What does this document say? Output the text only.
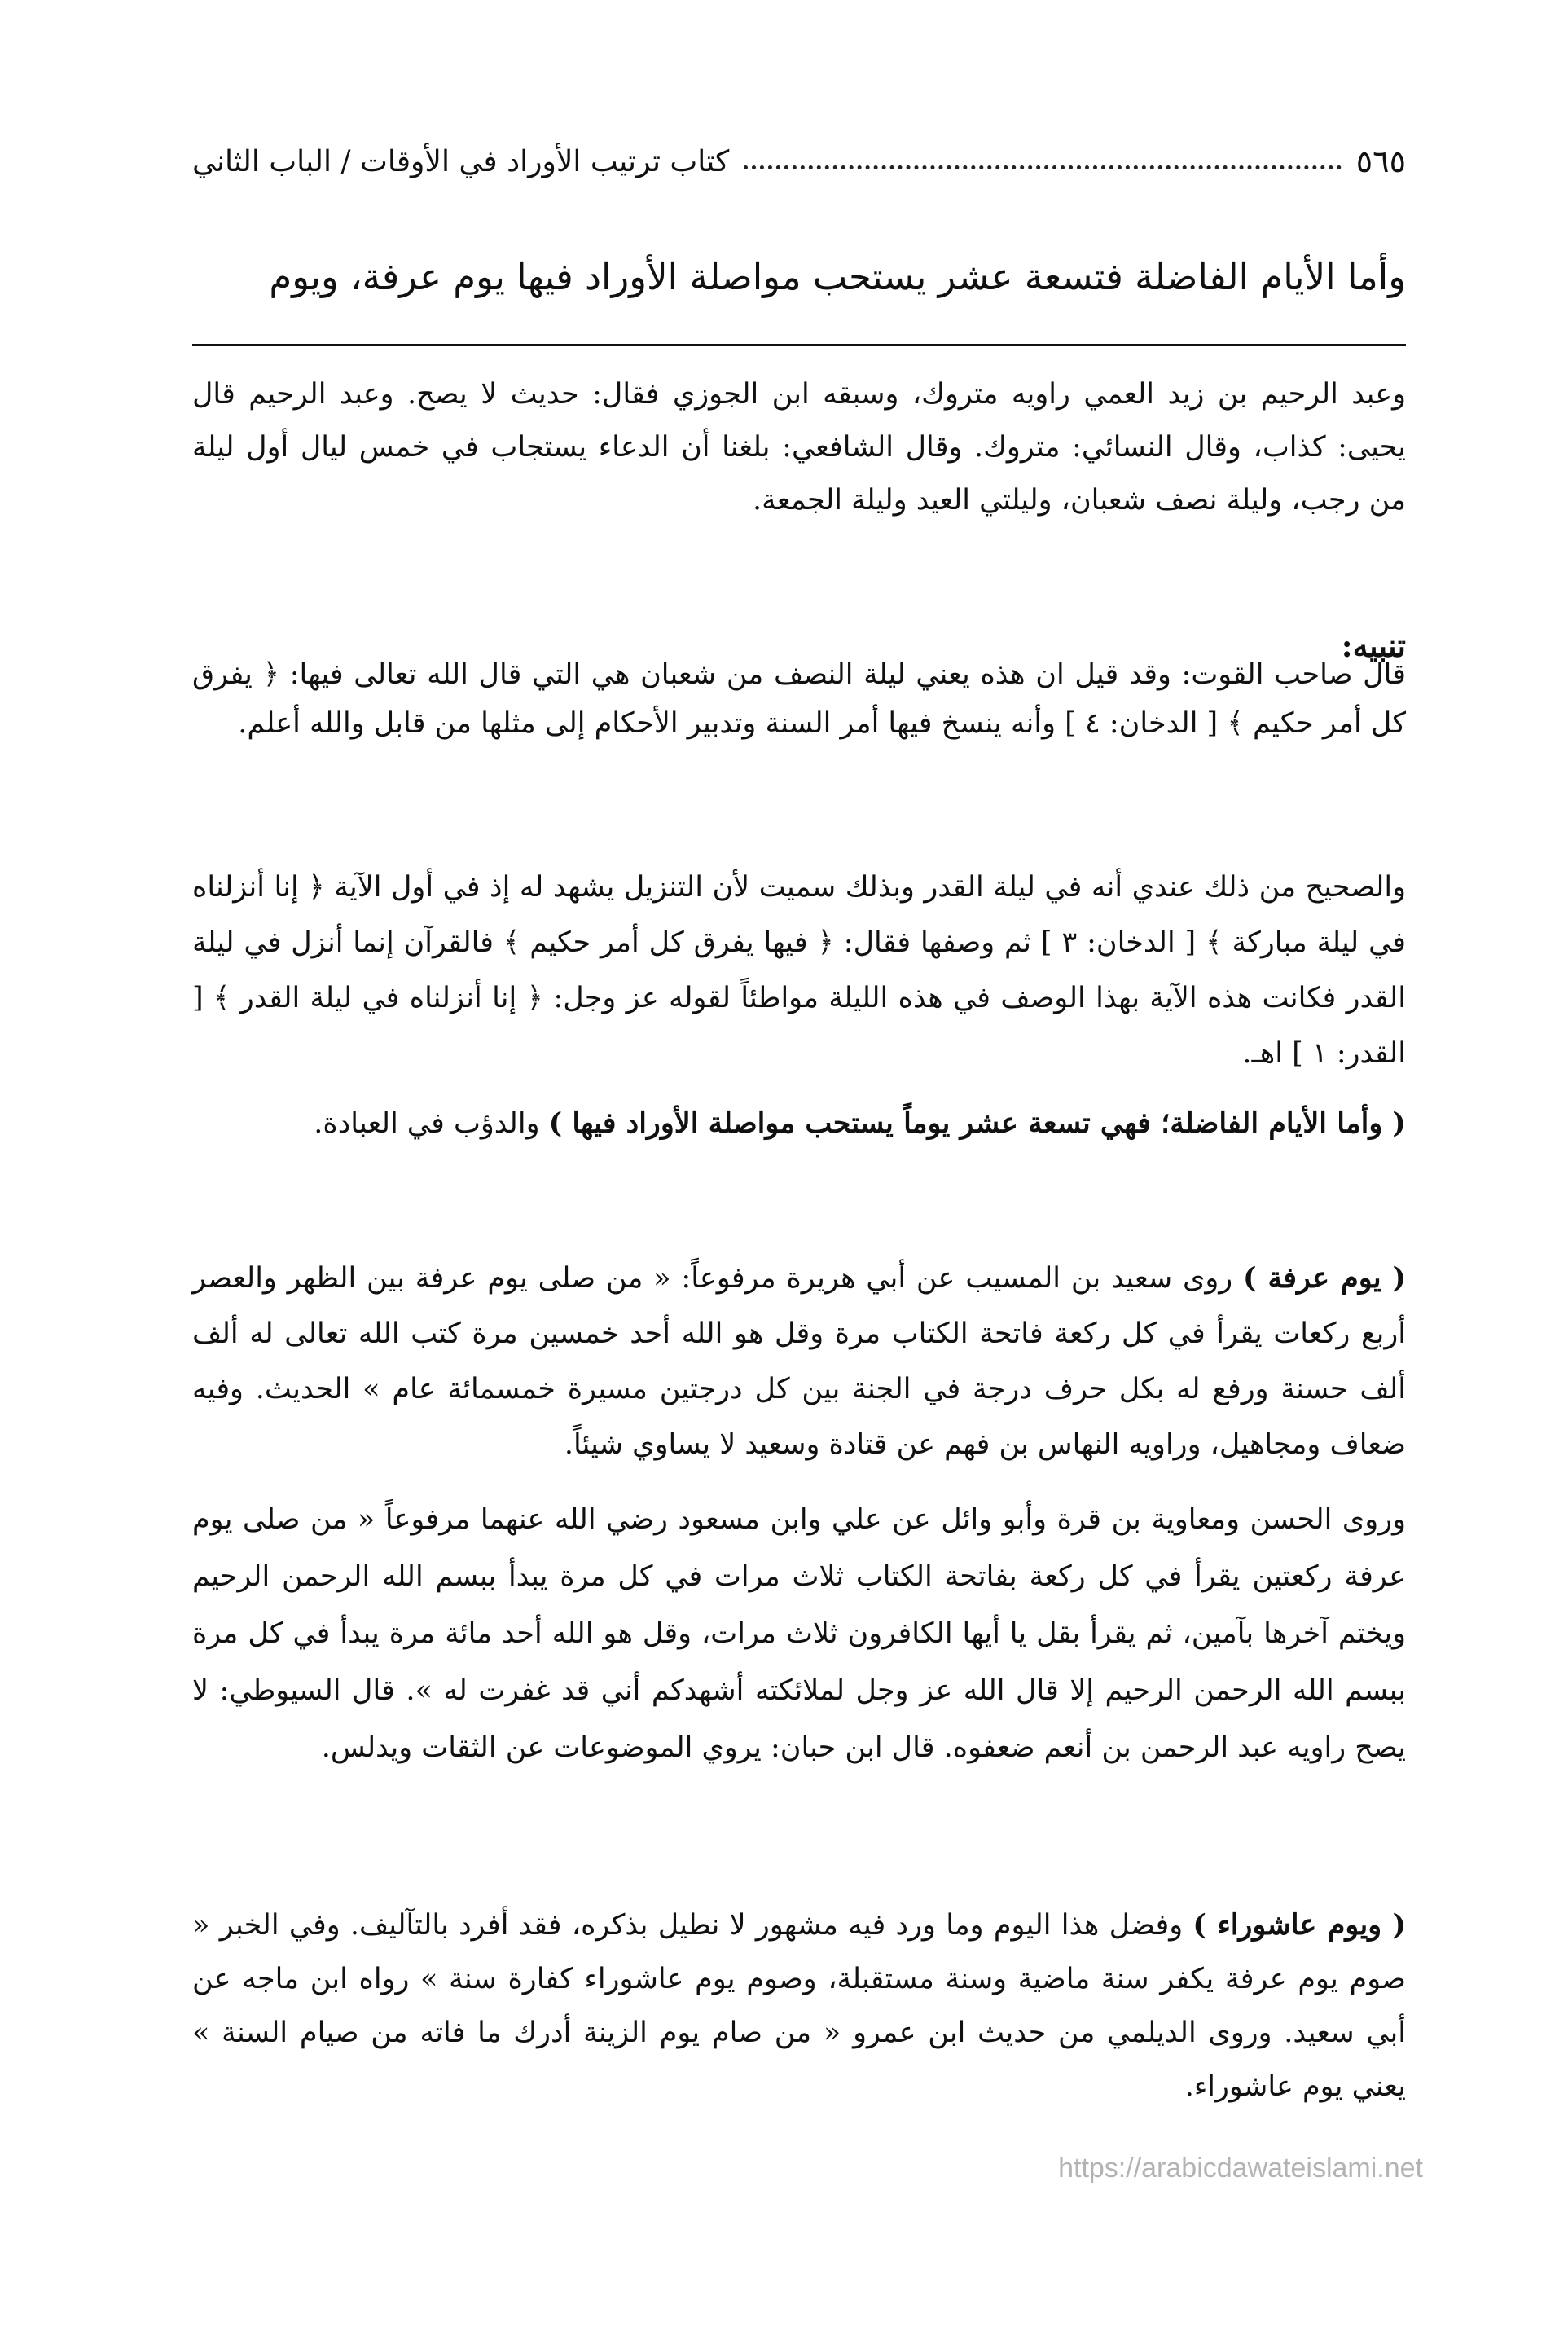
كتاب ترتيب الأوراد في الأوقات / الباب الثاني	٥٦٥
وأما الأيام الفاضلة فتسعة عشر يستحب مواصلة الأوراد فيها يوم عرفة، ويوم

وعبد الرحيم بن زيد العمي راويه متروك، وسبقه ابن الجوزي فقال: حديث لا يصح. وعبد الرحيم قال يحيى: كذاب، وقال النسائي: متروك. وقال الشافعي: بلغنا أن الدعاء يستجاب في خمس ليال أول ليلة من رجب، وليلة نصف شعبان، وليلتي العيد وليلة الجمعة.

تنبيه:

قال صاحب القوت: وقد قيل ان هذه يعني ليلة النصف من شعبان هي التي قال الله تعالى فيها: ﴿ يفرق كل أمر حكيم ﴾ [ الدخان: ٤ ] وأنه ينسخ فيها أمر السنة وتدبير الأحكام إلى مثلها من قابل والله أعلم.

والصحيح من ذلك عندي أنه في ليلة القدر وبذلك سميت لأن التنزيل يشهد له إذ في أول الآية ﴿ إنا أنزلناه في ليلة مباركة ﴾ [ الدخان: ٣ ] ثم وصفها فقال: ﴿ فيها يفرق كل أمر حكيم ﴾ فالقرآن إنما أنزل في ليلة القدر فكانت هذه الآية بهذا الوصف في هذه الليلة مواطئاً لقوله عز وجل: ﴿ إنا أنزلناه في ليلة القدر ﴾ [ القدر: ١ ] اهـ.

( وأما الأيام الفاضلة؛ فهي تسعة عشر يوماً يستحب مواصلة الأوراد فيها ) والدؤب في العبادة.

( يوم عرفة ) روى سعيد بن المسيب عن أبي هريرة مرفوعاً: « من صلى يوم عرفة بين الظهر والعصر أربع ركعات يقرأ في كل ركعة فاتحة الكتاب مرة وقل هو الله أحد خمسين مرة كتب الله تعالى له ألف ألف حسنة ورفع له بكل حرف درجة في الجنة بين كل درجتين مسيرة خمسمائة عام » الحديث. وفيه ضعاف ومجاهيل، وراويه النهاس بن فهم عن قتادة وسعيد لا يساوي شيئاً.

وروى الحسن ومعاوية بن قرة وأبو وائل عن علي وابن مسعود رضي الله عنهما مرفوعاً « من صلى يوم عرفة ركعتين يقرأ في كل ركعة بفاتحة الكتاب ثلاث مرات في كل مرة يبدأ ببسم الله الرحمن الرحيم ويختم آخرها بآمين، ثم يقرأ بقل يا أيها الكافرون ثلاث مرات، وقل هو الله أحد مائة مرة يبدأ في كل مرة ببسم الله الرحمن الرحيم إلا قال الله عز وجل لملائكته أشهدكم أني قد غفرت له ». قال السيوطي: لا يصح راويه عبد الرحمن بن أنعم ضعفوه. قال ابن حبان: يروي الموضوعات عن الثقات ويدلس.

( ويوم عاشوراء ) وفضل هذا اليوم وما ورد فيه مشهور لا نطيل بذكره، فقد أفرد بالتآليف. وفي الخبر « صوم يوم عرفة يكفر سنة ماضية وسنة مستقبلة، وصوم يوم عاشوراء كفارة سنة » رواه ابن ماجه عن أبي سعيد. وروى الديلمي من حديث ابن عمرو « من صام يوم الزينة أدرك ما فاته من صيام السنة » يعني يوم عاشوراء.

https://arabicdawateislami.net
